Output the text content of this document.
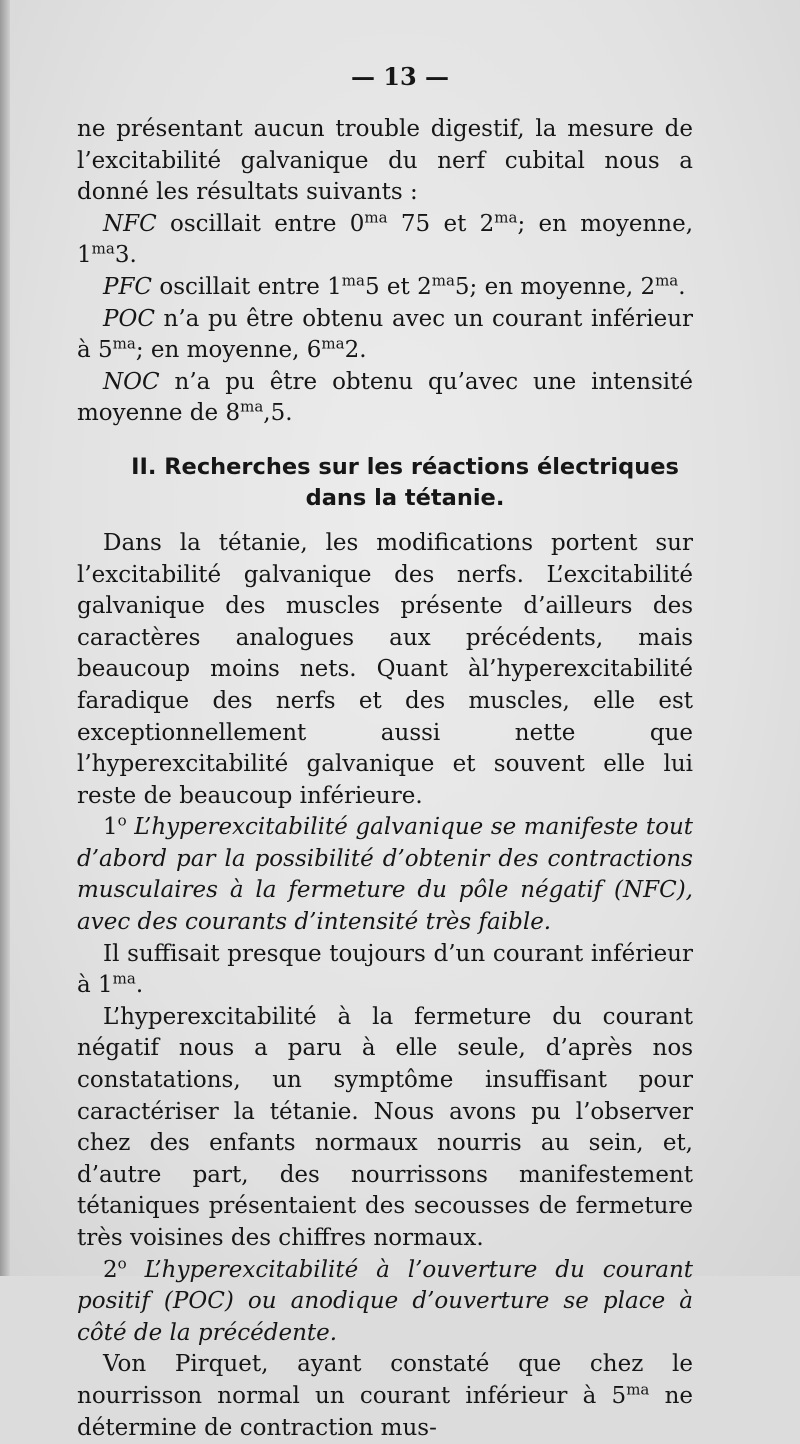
— 13 —

ne présentant aucun trouble digestif, la mesure de l’excitabilité galvanique du nerf cubital nous a donné les résultats suivants :

NFC oscillait entre $0^{ma}$ 75 et $2^{ma}$; en moyenne, $1^{ma}3$.

PFC oscillait entre $1^{ma}5$ et $2^{ma}5$; en moyenne, $2^{ma}$.

POC n’a pu être obtenu avec un courant inférieur à $5^{ma}$; en moyenne, $6^{ma}2$.

NOC n’a pu être obtenu qu’avec une intensité moyenne de $8^{ma},5$.

II. Recherches sur les réactions électriques
dans la tétanie.

Dans la tétanie, les modifications portent sur l’excitabilité galvanique des nerfs. L’excitabilité galvanique des muscles présente d’ailleurs des caractères analogues aux précédents, mais beaucoup moins nets. Quant àl’hyperexcitabilité faradique des nerfs et des muscles, elle est exceptionnellement aussi nette que l’hyperexcitabilité galvanique et souvent elle lui reste de beaucoup inférieure.

1$^o$ L’hyperexcitabilité galvanique se manifeste tout d’abord par la possibilité d’obtenir des contractions musculaires à la fermeture du pôle négatif (NFC), avec des courants d’intensité très faible.

Il suffisait presque toujours d’un courant inférieur à $1^{ma}$.

L’hyperexcitabilité à la fermeture du courant négatif nous a paru à elle seule, d’après nos constatations, un symptôme insuffisant pour caractériser la tétanie. Nous avons pu l’observer chez des enfants normaux nourris au sein, et, d’autre part, des nourrissons manifestement tétaniques présentaient des secousses de fermeture très voisines des chiffres normaux.

2$^o$ L’hyperexcitabilité à l’ouverture du courant positif (POC) ou anodique d’ouverture se place à côté de la précédente.

Von Pirquet, ayant constaté que chez le nourrisson normal un courant inférieur à $5^{ma}$ ne détermine de contraction mus-
